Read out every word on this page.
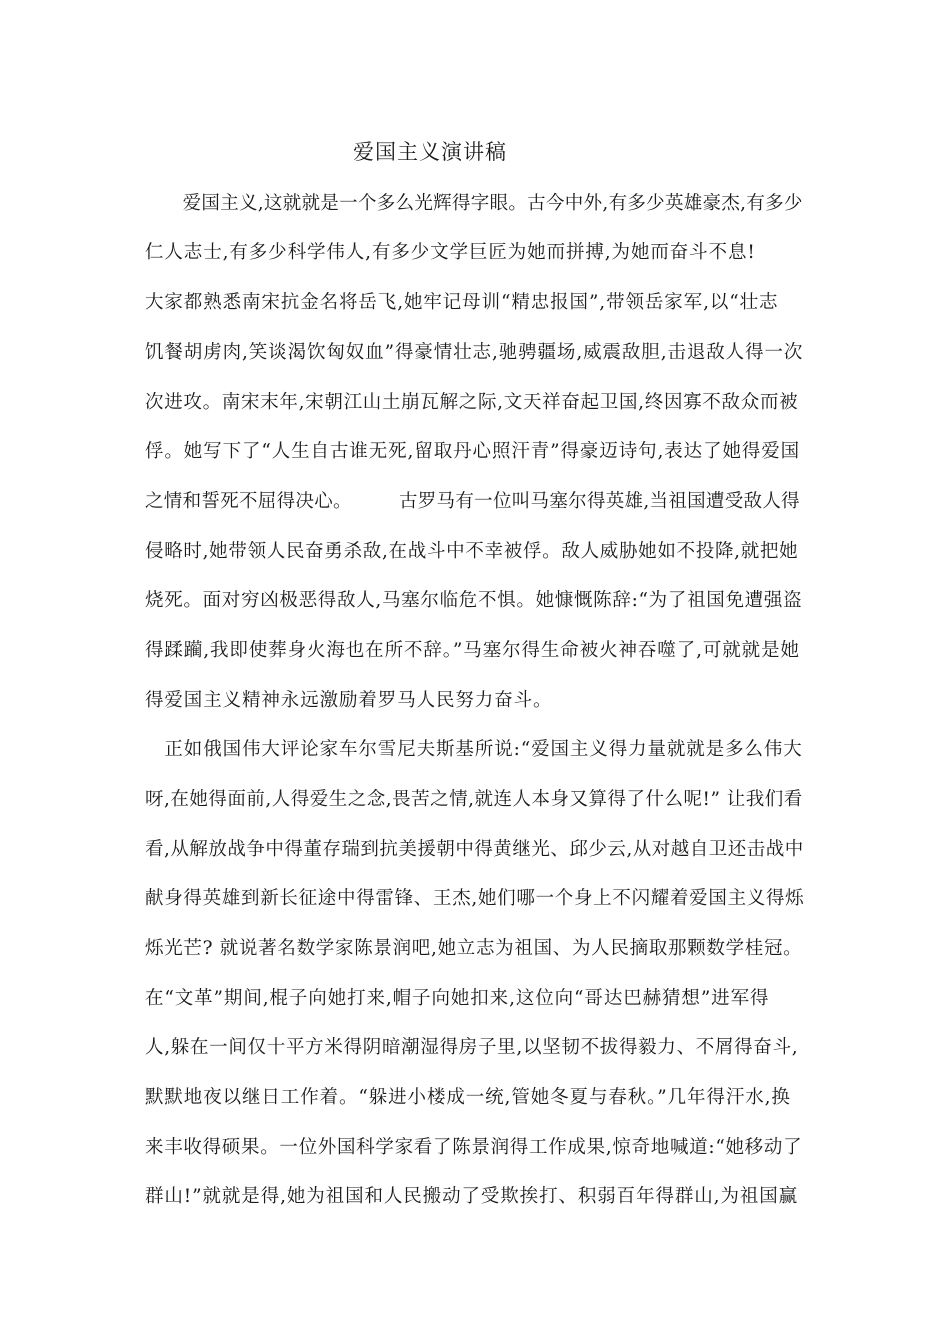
爱国主义演讲稿
　　爱国主义,这就就是一个多么光辉得字眼。古今中外,有多少英雄豪杰,有多少
仁人志士,有多少科学伟人,有多少文学巨匠为她而拼搏,为她而奋斗不息!
大家都熟悉南宋抗金名将岳飞,她牢记母训“精忠报国”,带领岳家军,以“壮志
饥餐胡虏肉,笑谈渴饮匈奴血”得豪情壮志,驰骋疆场,威震敌胆,击退敌人得一次
次进攻。南宋末年,宋朝江山土崩瓦解之际,文天祥奋起卫国,终因寡不敌众而被
俘。她写下了“人生自古谁无死,留取丹心照汗青”得豪迈诗句,表达了她得爱国
之情和誓死不屈得决心。　　　古罗马有一位叫马塞尔得英雄,当祖国遭受敌人得
侵略时,她带领人民奋勇杀敌,在战斗中不幸被俘。敌人威胁她如不投降,就把她
烧死。面对穷凶极恶得敌人,马塞尔临危不惧。她慷慨陈辞:“为了祖国免遭强盗
得蹂躏,我即使葬身火海也在所不辞。”马塞尔得生命被火神吞噬了,可就就是她
得爱国主义精神永远激励着罗马人民努力奋斗。
　正如俄国伟大评论家车尔雪尼夫斯基所说:“爱国主义得力量就就是多么伟大
呀,在她得面前,人得爱生之念,畏苦之情,就连人本身又算得了什么呢!” 让我们看
看,从解放战争中得董存瑞到抗美援朝中得黄继光、邱少云,从对越自卫还击战中
献身得英雄到新长征途中得雷锋、王杰,她们哪一个身上不闪耀着爱国主义得烁
烁光芒? 就说著名数学家陈景润吧,她立志为祖国、为人民摘取那颗数学桂冠。
在“文革”期间,棍子向她打来,帽子向她扣来,这位向“哥达巴赫猜想”进军得
人,躲在一间仅十平方米得阴暗潮湿得房子里,以坚韧不拔得毅力、不屑得奋斗,
默默地夜以继日工作着。“躲进小楼成一统,管她冬夏与春秋。”几年得汗水,换
来丰收得硕果。一位外国科学家看了陈景润得工作成果,惊奇地喊道:“她移动了
群山!”就就是得,她为祖国和人民搬动了受欺挨打、积弱百年得群山,为祖国赢
